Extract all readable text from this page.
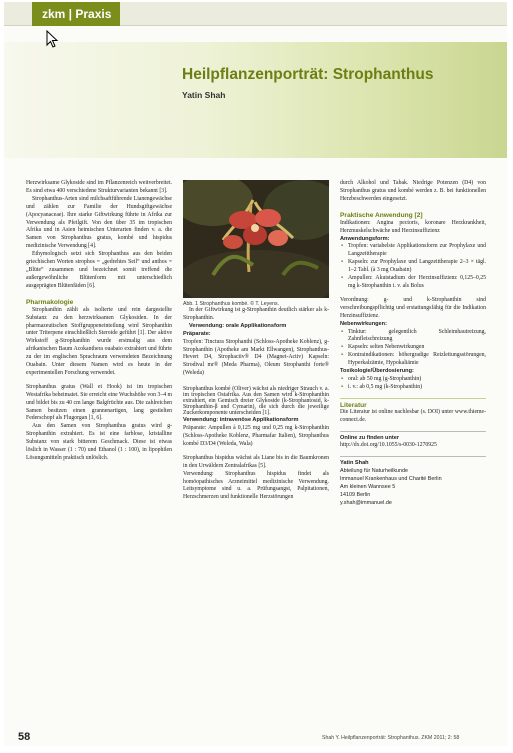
zkm | Praxis
Heilpflanzenporträt: Strophanthus
Yatin Shah

Herzwirksame Glykoside sind im Pflanzenreich weitverbreitet. Es sind etwa 400 verschiedene Strukturvarianten bekannt [3].

Strophanthus-Arten sind milchsaftführende Lianengewächse und zählen zur Familie der Hundsgiftgewächse (Apocyanaceae). Ihre starke Giftwirkung führte in Afrika zur Verwendung als Pfeilgift. Von den über 35 im tropischen Afrika und in Asien heimischen Unterarten finden v. a. die Samen von Strophanthus gratus, kombé und hispidus medizinische Verwendung [4].

Ethymologisch setzt sich Strophanthus aus den beiden griechischen Worten strophos = „gedrehtes Seil“ und anthos = „Blüte“ zusammen und bezeichnet somit treffend die außergewöhnliche Blütenform mit unterschiedlich ausgeprägten Blütenfäden [6].

Pharmakologie

Strophanthin zählt als isolierte und rein dargestellte Substanz zu den herzwirksamen Glykosiden. In der pharmazeutischen Stoffgruppeneinteilung wird Strophanthin unter Triterpene einschließlich Steroide geführt [1]. Der aktive Wirkstoff g-Strophanthin wurde erstmalig aus dem afrikanischen Baum Acokanthera ouabaio extrahiert und führte zu der im englischen Sprachraum verwendeten Bezeichnung Ouabain. Unter diesem Namen wird es heute in der experimentellen Forschung verwendet.

Strophanthus gratus (Wall et Hook) ist im tropischen Westafrika beheimatet. Sie erreicht eine Wuchshöhe von 3–4 m und bildet bis zu 40 cm lange Balgfrüchte aus. Die zahlreichen Samen besitzen einen grannenartigen, lang gestielten Federschopf als Flugorgan [1, 6].

Aus den Samen von Strophanthus gratus wird g-Strophanthin extrahiert. Es ist eine farblose, kristalline Substanz von stark bitterem Geschmack. Diese ist etwas löslich in Wasser (1 : 70) und Ethanol (1 : 100), in lipophilen Lösungsmitteln praktisch unlöslich.

Abb. 1 Strophanthus kombé. © T. Leyens.

In der Giftwirkung ist g-Strophanthin deutlich stärker als k-Strophanthin.

Verwendung: orale Applikationsform

Präparate:

Tropfen: Tinctura Strophanthi (Schloss-Apotheke Koblenz), g-Strophanthin (Apotheke am Markt Ellwangen), Strophanthus-Hevert D4, Strophactiv® D4 (Magnet-Activ) Kapseln: Strodival mr® (Meda Pharma), Oleum Strophanthi forte® (Weleda)

Strophanthus kombé (Oliver) wächst als niedriger Strauch v. a. im tropischen Ostafrika. Aus den Samen wird k-Strophanthin extrahiert, ein Gemisch dreier Glykoside (k-Strophantosid, k-Strophanthin-β und Cymarin), die sich durch die jeweilige Zuckerkomponente unterscheiden [1].

Verwendung: intravenöse Applikationsform

Präparate: Ampullen à 0,125 mg und 0,25 mg k-Strophanthin (Schloss-Apotheke Koblenz, Pharmafar Italien), Strophanthus kombé D3/D4 (Weleda, Wala)

Strophanthus hispidus wächst als Liane bis in die Baumkronen in den Urwäldern Zentralafrikas [5].

Verwendung: Strophanthus hispidus findet als homöopathisches Arzneimittel medizinische Verwendung. Leitsymptome sind u. a. Prüfungsangst, Palpitationen, Herzschmerzen und funktionelle Herzstörungen

durch Alkohol und Tabak. Niedrige Potenzen (D4) von Strophanthus gratus und kombé werden z. B. bei funktionellen Herzbeschwerden eingesetzt.

Praktische Anwendung [2]

Indikationen: Angina pectoris, koronare Herzkrankheit, Herzmuskelschwäche und Herzinsuffizienz

Anwendungsform:

▪ Tropfen: variabelste Applikationsform zur Prophylaxe und Langzeittherapie
▪ Kapseln: zur Prophylaxe und Langzeittherapie 2–3 × tägl. 1–2 Tabl. (à 3 mg Ouabain)
▪ Ampullen: Akutstadium der Herzinsuffizienz 0,125–0,25 mg k-Strophanthin i. v. als Bolus

Verordnung: g- und k-Strophanthin sind verschreibungspflichtig und erstattungsfähig für die Indikation Herzinsuffizienz.

Nebenwirkungen:

▪ Tinktur: gelegentlich Schleimhautreizung, Zahnfleischreizung
▪ Kapseln: selten Nebenwirkungen
▪ Kontraindikationen: höhergradige Reizleitungsstörungen, Hyperkalzämie, Hypokaliämie

Toxikologie/Überdosierung:

▪ oral: ab 50 mg (g-Strophanthin)
▪ i. v.: ab 0,5 mg (k-Strophanthin)

Literatur

Die Literatur ist online nachlesbar (s. DOI) unter www.thieme-connect.de.

Online zu finden unter

http://dx.doi.org/10.1055/s-0030-1270925

Yatin Shah

Abteilung für Naturheilkunde

Immanuel Krankenhaus und Charité Berlin

Am kleinen Wannsee 5

14109 Berlin

y.shah@immanuel.de

58	Shah Y. Heilpflanzenporträt: Strophanthus. ZKM 2011; 2: 58
